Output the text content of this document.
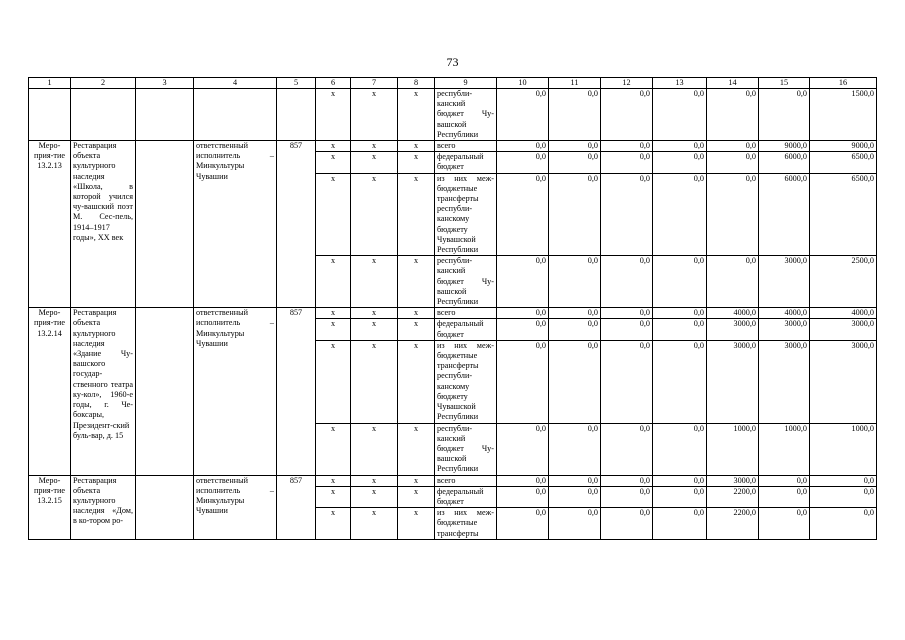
73
1	2	3	4	5	6	7	8	9	10	11	12	13	14	15	16
					х	х	х	республи-канский бюджет Чу-вашской Республики	0,0	0,0	0,0	0,0	0,0	0,0	1500,0
Меро-прия-тие 13.2.13	Реставрация объекта культурного наследия «Школа, в которой учился чу-вашский поэт М. Сес-пель, 1914–1917 годы», XX век		ответственный исполнитель – Минкультуры Чувашии	857	х	х	х	всего	0,0	0,0	0,0	0,0	0,0	9000,0	9000,0
					х	х	х	федеральный бюджет	0,0	0,0	0,0	0,0	0,0	6000,0	6500,0
					х	х	х	из них меж-бюджетные трансферты республи-канскому бюджету Чувашской Республики	0,0	0,0	0,0	0,0	0,0	6000,0	6500,0
					х	х	х	республи-канский бюджет Чу-вашской Республики	0,0	0,0	0,0	0,0	0,0	3000,0	2500,0
Меро-прия-тие 13.2.14	Реставрация объекта культурного наследия «Здание Чу-вашского государ-ственного театра ку-кол», 1960-е годы, г. Че-боксары, Президент-ский буль-вар, д. 15		ответственный исполнитель – Минкультуры Чувашии	857	х	х	х	всего	0,0	0,0	0,0	0,0	4000,0	4000,0	4000,0
					х	х	х	федеральный бюджет	0,0	0,0	0,0	0,0	3000,0	3000,0	3000,0
					х	х	х	из них меж-бюджетные трансферты республи-канскому бюджету Чувашской Республики	0,0	0,0	0,0	0,0	3000,0	3000,0	3000,0
					х	х	х	республи-канский бюджет Чу-вашской Республики	0,0	0,0	0,0	0,0	1000,0	1000,0	1000,0
Меро-прия-тие 13.2.15	Реставрация объекта культурного наследия «Дом, в ко-тором ро-		ответственный исполнитель – Минкультуры Чувашии	857	х	х	х	всего	0,0	0,0	0,0	0,0	3000,0	0,0	0,0
					х	х	х	федеральный бюджет	0,0	0,0	0,0	0,0	2200,0	0,0	0,0
					х	х	х	из них меж-бюджетные трансферты	0,0	0,0	0,0	0,0	2200,0	0,0	0,0
